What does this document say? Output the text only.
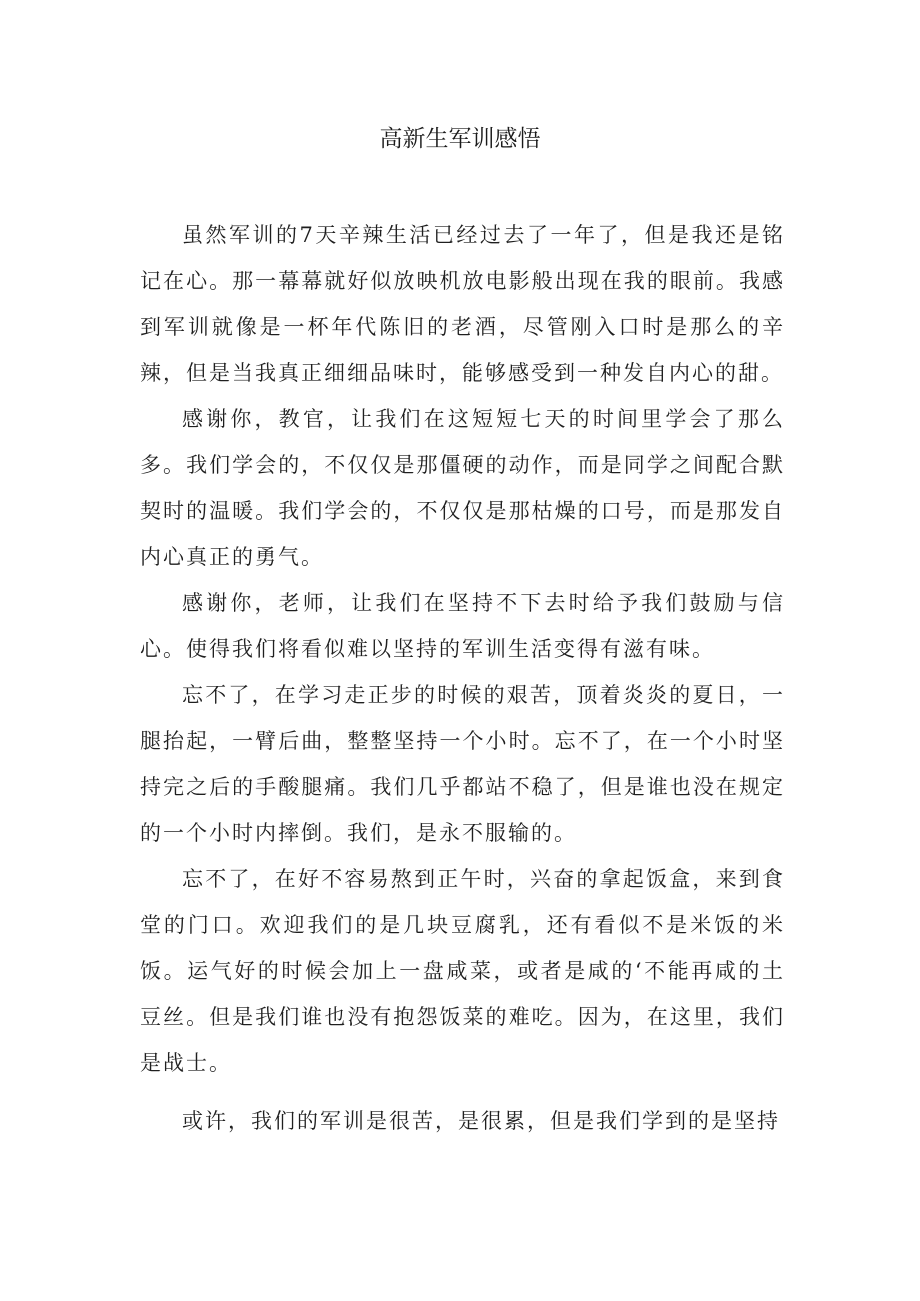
高新生军训感悟

虽然军训的7天辛辣生活已经过去了一年了，但是我还是铭记在心。那一幕幕就好似放映机放电影般出现在我的眼前。我感到军训就像是一杯年代陈旧的老酒，尽管刚入口时是那么的辛辣，但是当我真正细细品味时，能够感受到一种发自内心的甜。

感谢你，教官，让我们在这短短七天的时间里学会了那么多。我们学会的，不仅仅是那僵硬的动作，而是同学之间配合默契时的温暖。我们学会的，不仅仅是那枯燥的口号，而是那发自内心真正的勇气。

感谢你，老师，让我们在坚持不下去时给予我们鼓励与信心。使得我们将看似难以坚持的军训生活变得有滋有味。

忘不了，在学习走正步的时候的艰苦，顶着炎炎的夏日，一腿抬起，一臂后曲，整整坚持一个小时。忘不了，在一个小时坚持完之后的手酸腿痛。我们几乎都站不稳了，但是谁也没在规定的一个小时内摔倒。我们，是永不服输的。

忘不了，在好不容易熬到正午时，兴奋的拿起饭盒，来到食堂的门口。欢迎我们的是几块豆腐乳，还有看似不是米饭的米饭。运气好的时候会加上一盘咸菜，或者是咸的‘不能再咸的土豆丝。但是我们谁也没有抱怨饭菜的难吃。因为，在这里，我们是战士。

或许，我们的军训是很苦，是很累，但是我们学到的是坚持
